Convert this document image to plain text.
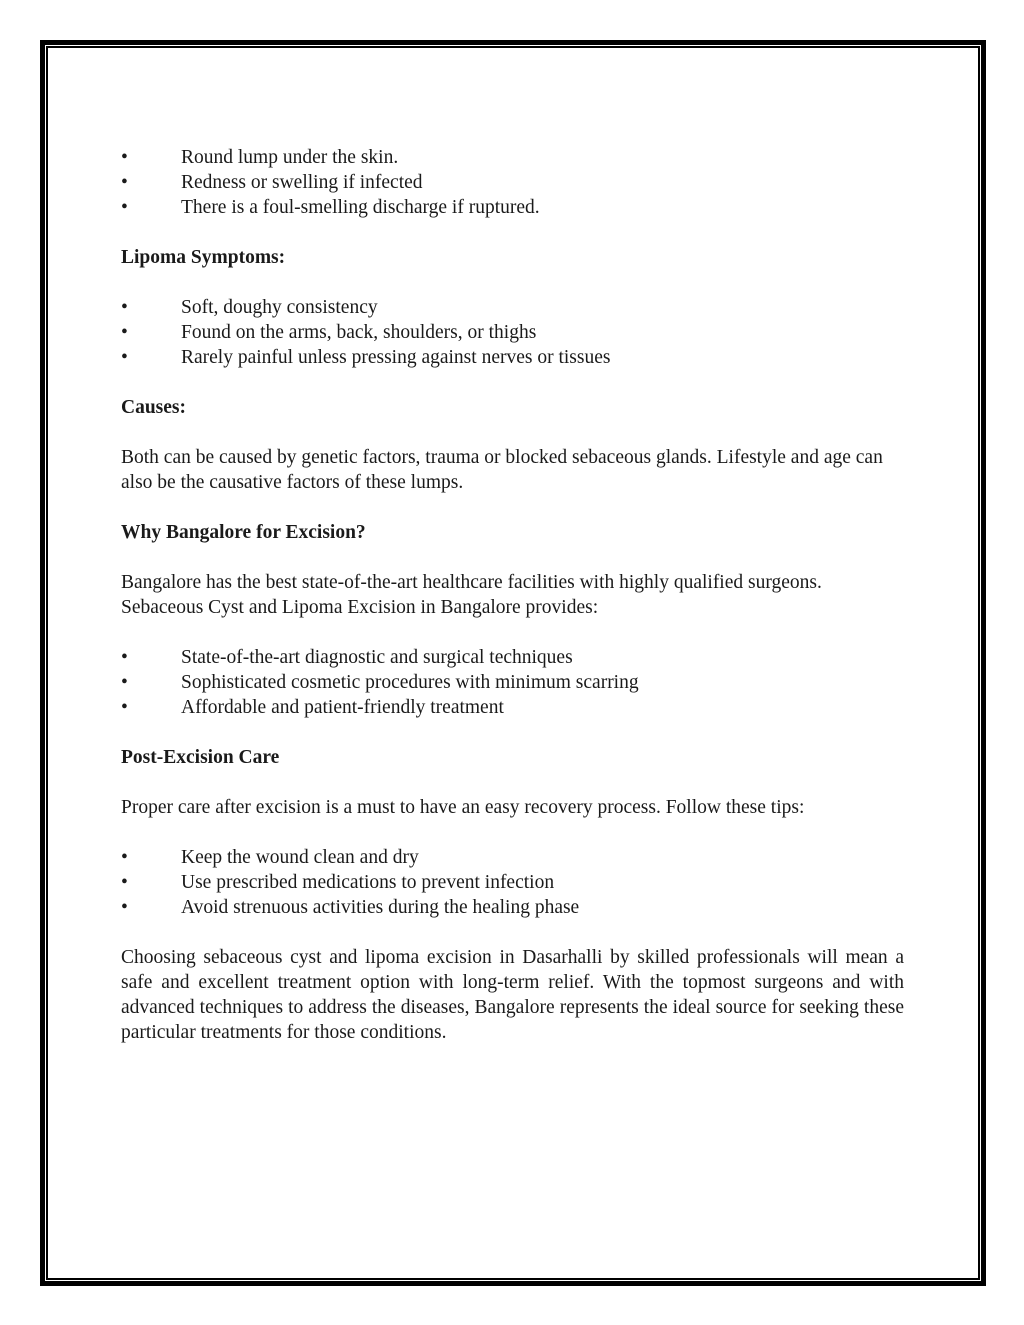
•	Round lump under the skin.
•	Redness or swelling if infected
•	There is a foul-smelling discharge if ruptured.
Lipoma Symptoms:
•	Soft, doughy consistency
•	Found on the arms, back, shoulders, or thighs
•	Rarely painful unless pressing against nerves or tissues
Causes:

Both can be caused by genetic factors, trauma or blocked sebaceous glands. Lifestyle and age can also be the causative factors of these lumps.

Why Bangalore for Excision?

Bangalore has the best state-of-the-art healthcare facilities with highly qualified surgeons. Sebaceous Cyst and Lipoma Excision in Bangalore provides:

•	State-of-the-art diagnostic and surgical techniques
•	Sophisticated cosmetic procedures with minimum scarring
•	Affordable and patient-friendly treatment
Post-Excision Care

Proper care after excision is a must to have an easy recovery process. Follow these tips:

•	Keep the wound clean and dry
•	Use prescribed medications to prevent infection
•	Avoid strenuous activities during the healing phase

Choosing sebaceous cyst and lipoma excision in Dasarhalli by skilled professionals will mean a safe and excellent treatment option with long-term relief. With the topmost surgeons and with advanced techniques to address the diseases, Bangalore represents the ideal source for seeking these particular treatments for those conditions.
